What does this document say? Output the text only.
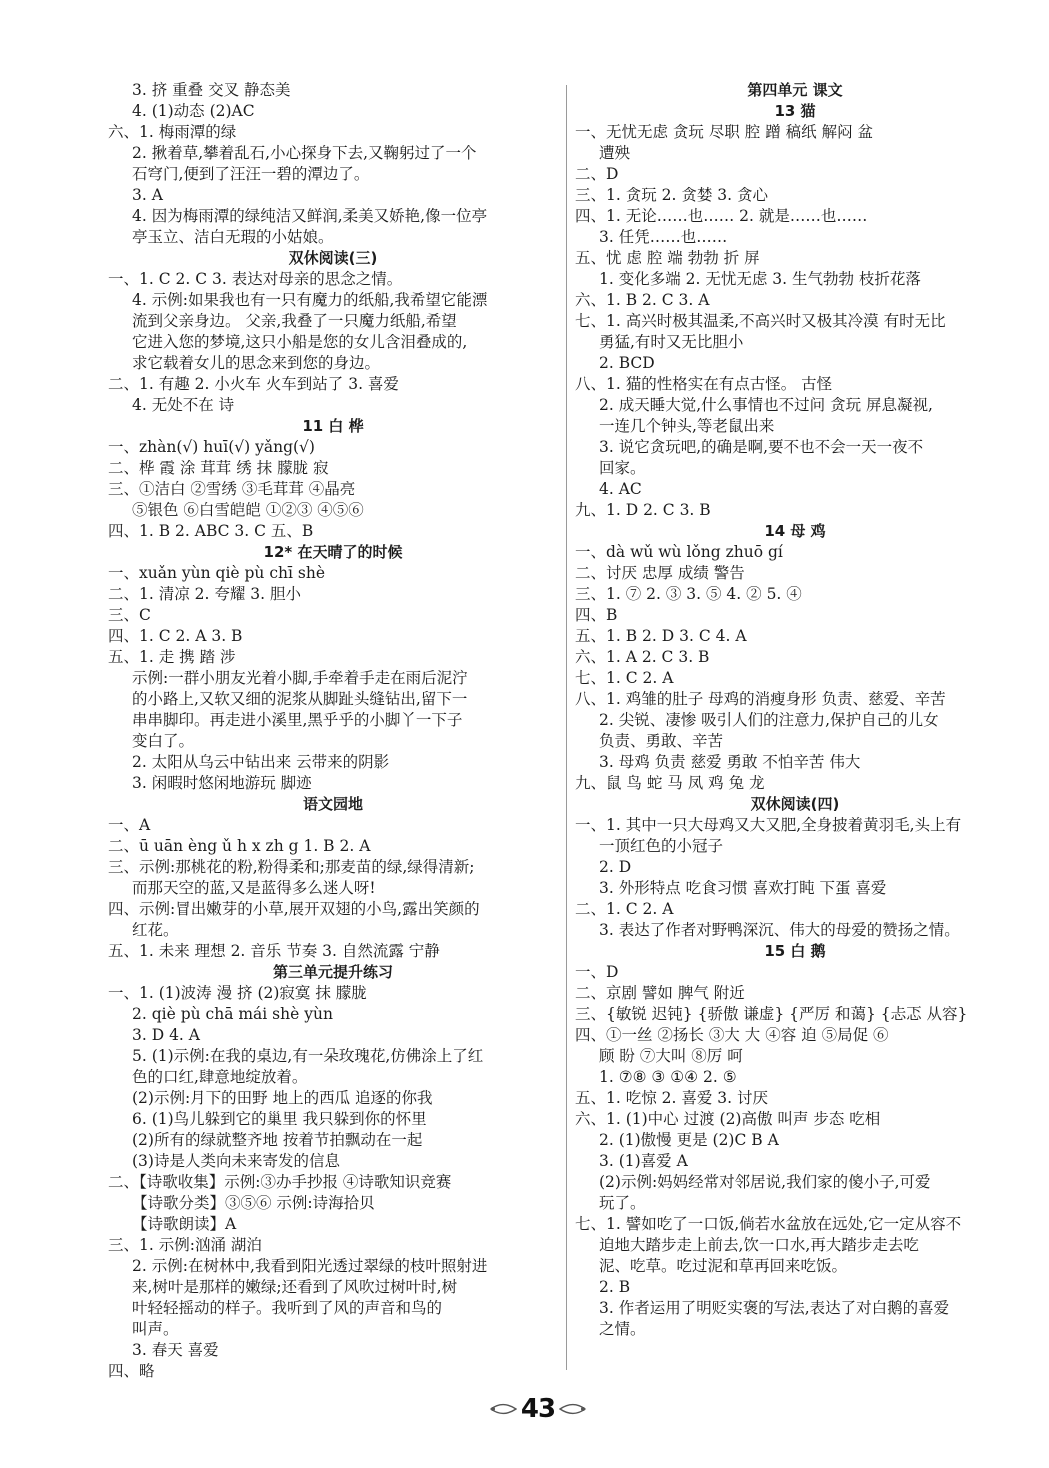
3. 挤 重叠 交叉 静态美
4. (1)动态 (2)AC
六、1. 梅雨潭的绿
2. 揪着草,攀着乱石,小心探身下去,又鞠躬过了一个
石穹门,便到了汪汪一碧的潭边了。
3. A
4. 因为梅雨潭的绿纯洁又鲜润,柔美又娇艳,像一位亭
亭玉立、洁白无瑕的小姑娘。
双休阅读(三)
一、1. C 2. C 3. 表达对母亲的思念之情。
4. 示例:如果我也有一只有魔力的纸船,我希望它能漂
流到父亲身边。 父亲,我叠了一只魔力纸船,希望
它进入您的梦境,这只小船是您的女儿含泪叠成的,
求它载着女儿的思念来到您的身边。
二、1. 有趣 2. 小火车 火车到站了 3. 喜爱
4. 无处不在 诗
11 白 桦
一、zhàn(√) huī(√) yǎng(√)
二、桦 霞 涂 茸茸 绣 抹 朦胧 寂
三、①洁白 ②雪绣 ③毛茸茸 ④晶亮
⑤银色 ⑥白雪皑皑 ①②③ ④⑤⑥
四、1. B 2. ABC 3. C 五、B
12* 在天晴了的时候
一、xuǎn yùn qiè pù chī shè
二、1. 清凉 2. 夸耀 3. 胆小
三、C
四、1. C 2. A 3. B
五、1. 走 携 踏 涉
示例:一群小朋友光着小脚,手牵着手走在雨后泥泞
的小路上,又软又细的泥浆从脚趾头缝钻出,留下一
串串脚印。再走进小溪里,黑乎乎的小脚丫一下子
变白了。
2. 太阳从乌云中钻出来 云带来的阴影
3. 闲暇时悠闲地游玩 脚迹
语文园地
一、A
二、ū uān èng ǔ h x zh g 1. B 2. A
三、示例:那桃花的粉,粉得柔和;那麦苗的绿,绿得清新;
而那天空的蓝,又是蓝得多么迷人呀!
四、示例:冒出嫩芽的小草,展开双翅的小鸟,露出笑颜的
红花。
五、1. 未来 理想 2. 音乐 节奏 3. 自然流露 宁静
第三单元提升练习
一、1. (1)波涛 漫 挤 (2)寂寞 抹 朦胧
2. qiè pù chā mái shè yùn
3. D 4. A
5. (1)示例:在我的桌边,有一朵玫瑰花,仿佛涂上了红
色的口红,肆意地绽放着。
(2)示例:月下的田野 地上的西瓜 追逐的你我
6. (1)鸟儿躲到它的巢里 我只躲到你的怀里
(2)所有的绿就整齐地 按着节拍飘动在一起
(3)诗是人类向未来寄发的信息
二、【诗歌收集】示例:③办手抄报 ④诗歌知识竞赛
【诗歌分类】③⑤⑥ 示例:诗海拾贝
【诗歌朗读】A
三、1. 示例:汹涌 湖泊
2. 示例:在树林中,我看到阳光透过翠绿的枝叶照射进
来,树叶是那样的嫩绿;还看到了风吹过树叶时,树
叶轻轻摇动的样子。我听到了风的声音和鸟的
叫声。
3. 春天 喜爱
四、略
第四单元 课文
13 猫
一、无忧无虑 贪玩 尽职 腔 蹭 稿纸 解闷 盆
遭殃
二、D
三、1. 贪玩 2. 贪婪 3. 贪心
四、1. 无论……也…… 2. 就是……也……
3. 任凭……也……
五、忧 虑 腔 端 勃勃 折 屏
1. 变化多端 2. 无忧无虑 3. 生气勃勃 枝折花落
六、1. B 2. C 3. A
七、1. 高兴时极其温柔,不高兴时又极其冷漠 有时无比
勇猛,有时又无比胆小
2. BCD
八、1. 猫的性格实在有点古怪。 古怪
2. 成天睡大觉,什么事情也不过问 贪玩 屏息凝视,
一连几个钟头,等老鼠出来
3. 说它贪玩吧,的确是啊,要不也不会一天一夜不
回家。
4. AC
九、1. D 2. C 3. B
14 母 鸡
一、dà wǔ wù lǒng zhuō gí
二、讨厌 忠厚 成绩 警告
三、1. ⑦ 2. ③ 3. ⑤ 4. ② 5. ④
四、B
五、1. B 2. D 3. C 4. A
六、1. A 2. C 3. B
七、1. C 2. A
八、1. 鸡雏的肚子 母鸡的消瘦身形 负责、慈爱、辛苦
2. 尖锐、凄惨 吸引人们的注意力,保护自己的儿女
负责、勇敢、辛苦
3. 母鸡 负责 慈爱 勇敢 不怕辛苦 伟大
九、鼠 鸟 蛇 马 凤 鸡 兔 龙
双休阅读(四)
一、1. 其中一只大母鸡又大又肥,全身披着黄羽毛,头上有
一顶红色的小冠子
2. D
3. 外形特点 吃食习惯 喜欢打盹 下蛋 喜爱
二、1. C 2. A
3. 表达了作者对野鸭深沉、伟大的母爱的赞扬之情。
15 白 鹅
一、D
二、京剧 譬如 脾气 附近
三、{敏锐 迟钝} {骄傲 谦虚} {严厉 和蔼} {忐忑 从容}
四、①一丝 ②扬长 ③大 大 ④容 迫 ⑤局促 ⑥
顾 盼 ⑦大叫 ⑧厉 呵
1. ⑦⑧ ③ ①④ 2. ⑤
五、1. 吃惊 2. 喜爱 3. 讨厌
六、1. (1)中心 过渡 (2)高傲 叫声 步态 吃相
2. (1)傲慢 更是 (2)C B A
3. (1)喜爱 A
(2)示例:妈妈经常对邻居说,我们家的傻小子,可爱
玩了。
七、1. 譬如吃了一口饭,倘若水盆放在远处,它一定从容不
迫地大踏步走上前去,饮一口水,再大踏步走去吃
泥、吃草。吃过泥和草再回来吃饭。
2. B
3. 作者运用了明贬实褒的写法,表达了对白鹅的喜爱
之情。
43
